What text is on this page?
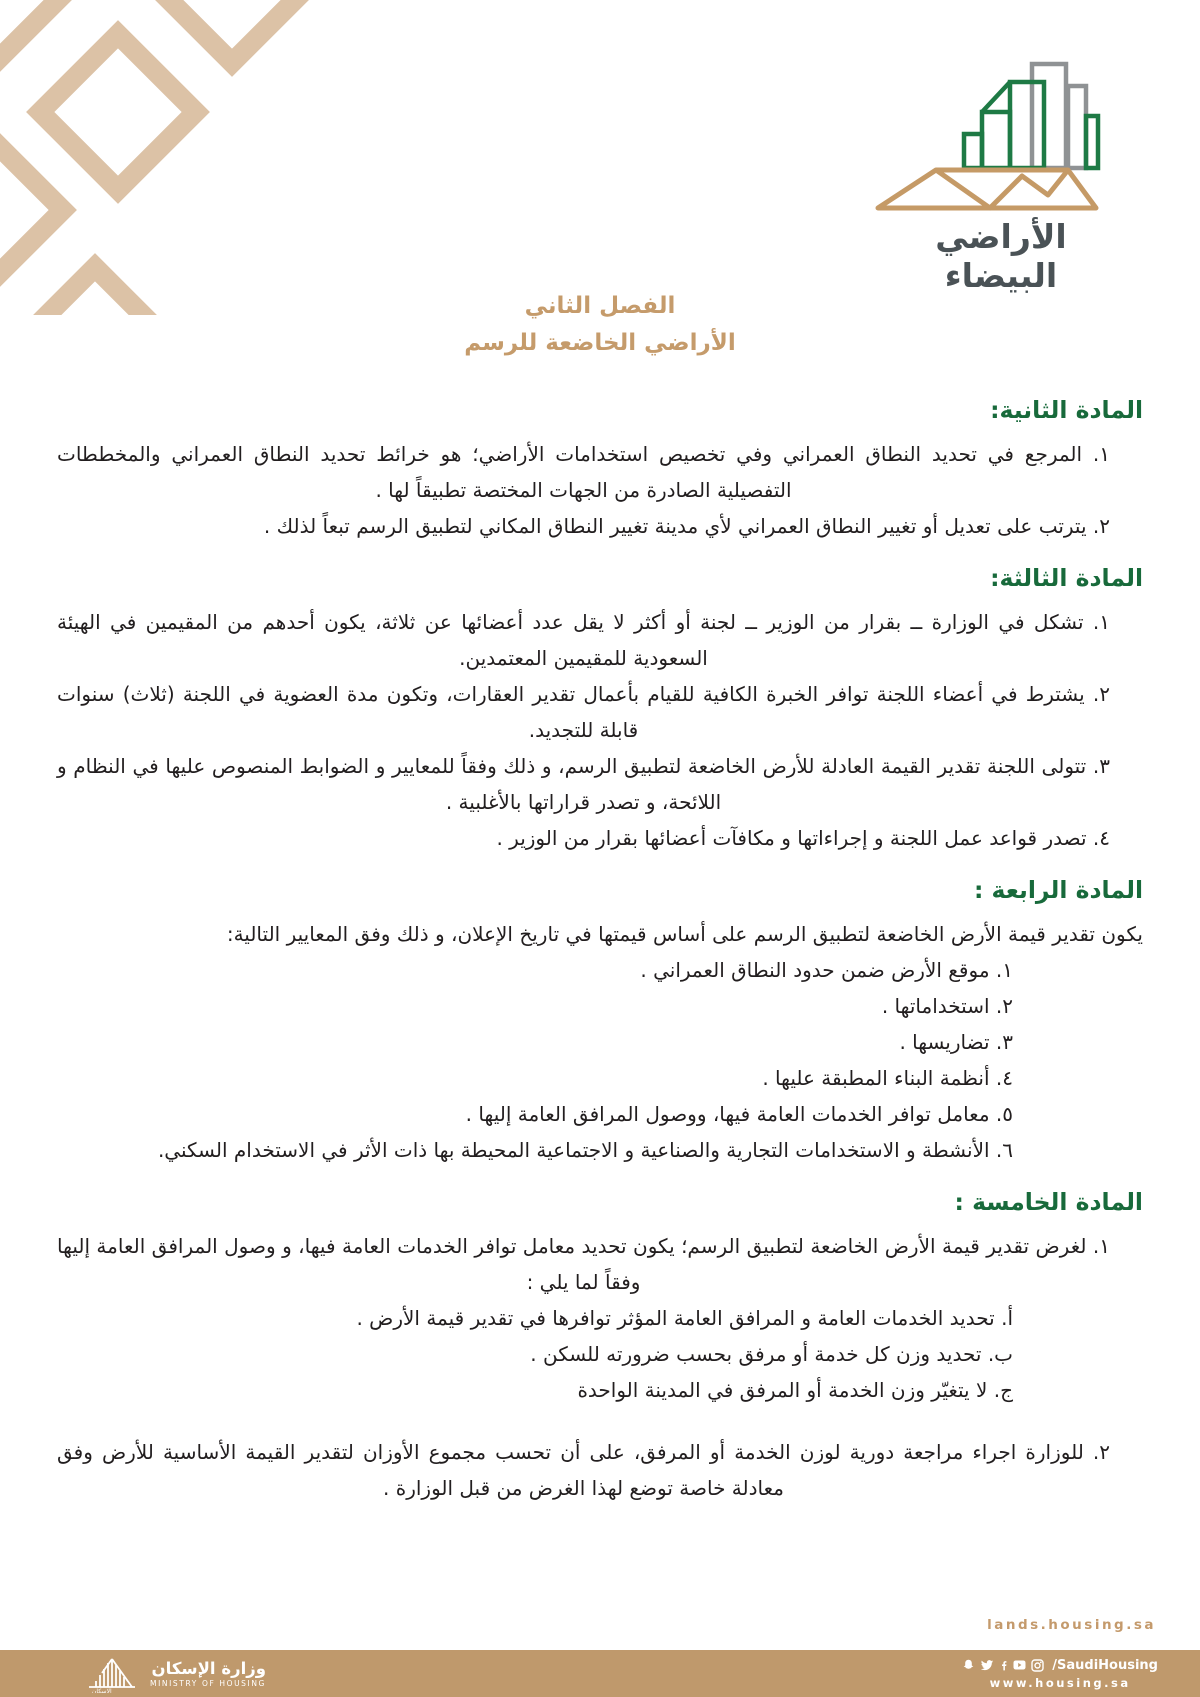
الأراضي البيضاء
الفصل الثاني
الأراضي الخاضعة للرسم
المادة الثانية:

١. المرجع في تحديد النطاق العمراني وفي تخصيص استخدامات الأراضي؛ هو خرائط تحديد النطاق العمراني والمخططات التفصيلية الصادرة من الجهات المختصة تطبيقاً لها .

٢. يترتب على تعديل أو تغيير النطاق العمراني لأي مدينة تغيير النطاق المكاني لتطبيق الرسم تبعاً لذلك .

المادة الثالثة:

١. تشكل في الوزارة ــ بقرار من الوزير ــ لجنة أو أكثر لا يقل عدد أعضائها عن ثلاثة، يكون أحدهم من المقيمين في الهيئة السعودية للمقيمين المعتمدين.

٢. يشترط في أعضاء اللجنة توافر الخبرة الكافية للقيام بأعمال تقدير العقارات، وتكون مدة العضوية في اللجنة (ثلاث) سنوات قابلة للتجديد.

٣. تتولى اللجنة تقدير القيمة العادلة للأرض الخاضعة لتطبيق الرسم، و ذلك وفقاً للمعايير و الضوابط المنصوص عليها في النظام و اللائحة، و تصدر قراراتها بالأغلبية .

٤. تصدر قواعد عمل اللجنة و إجراءاتها و مكافآت أعضائها بقرار من الوزير .

المادة الرابعة :

يكون تقدير قيمة الأرض الخاضعة لتطبيق الرسم على أساس قيمتها في تاريخ الإعلان، و ذلك وفق المعايير التالية:

١. موقع الأرض ضمن حدود النطاق العمراني .

٢. استخداماتها .

٣. تضاريسها .

٤. أنظمة البناء المطبقة عليها .

٥. معامل توافر الخدمات العامة فيها، ووصول المرافق العامة إليها .

٦. الأنشطة و الاستخدامات التجارية والصناعية و الاجتماعية المحيطة بها ذات الأثر في الاستخدام السكني.

المادة الخامسة :

١. لغرض تقدير قيمة الأرض الخاضعة لتطبيق الرسم؛ يكون تحديد معامل توافر الخدمات العامة فيها، و وصول المرافق العامة إليها وفقاً لما يلي :

أ. تحديد الخدمات العامة و المرافق العامة المؤثر توافرها في تقدير قيمة الأرض .

ب. تحديد وزن كل خدمة أو مرفق بحسب ضرورته للسكن .

ج. لا يتغيّر وزن الخدمة أو المرفق في المدينة الواحدة

٢. للوزارة اجراء مراجعة دورية لوزن الخدمة أو المرفق، على أن تحسب مجموع الأوزان لتقدير القيمة الأساسية للأرض وفق معادلة خاصة توضع لهذا الغرض من قبل الوزارة .

lands.housing.sa
الاسكان
وزارة الإسكان
MINISTRY OF HOUSING
/SaudiHousing
www.housing.sa
